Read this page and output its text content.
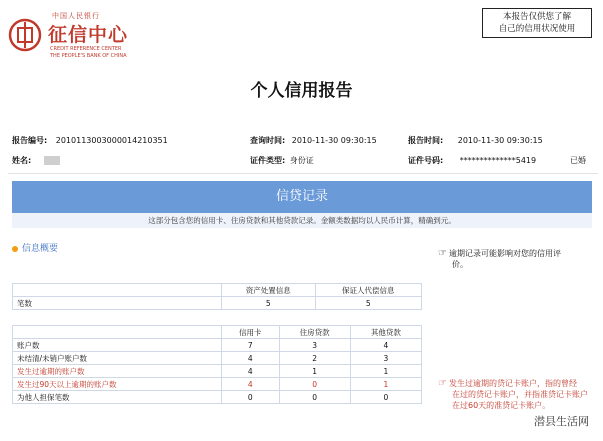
中国人民银行
征信中心
CREDIT REFERENCE CENTER
THE PEOPLE'S BANK OF CHINA
本报告仅供您了解
自己的信用状况使用
个人信用报告
报告编号: 2010113003000014210351	查询时间: 2010-11-30 09:30:15	报告时间: 2010-11-30 09:30:15
姓名:	证件类型: 身份证	证件号码: **************5419	已婚
信贷记录
这部分包含您的信用卡、住房贷款和其他贷款记录。金额类数据均以人民币计算，精确到元。
信息概要	☞ 逾期记录可能影响对您的信用评
价。
☞ 发生过逾期的贷记卡账户，指的曾经
在过的贷记卡账户，并指准贷记卡账户
在过60天的准贷记卡账户。
	资产处置信息	保证人代偿信息
笔数	5	5
	信用卡	住房贷款	其他贷款
账户数	7	3	4
未结清/未销户账户数	4	2	3
发生过逾期的账户数	4	1	1
发生过90天以上逾期的账户数	4	0	1
为他人担保笔数	0	0	0
潜县生活网
